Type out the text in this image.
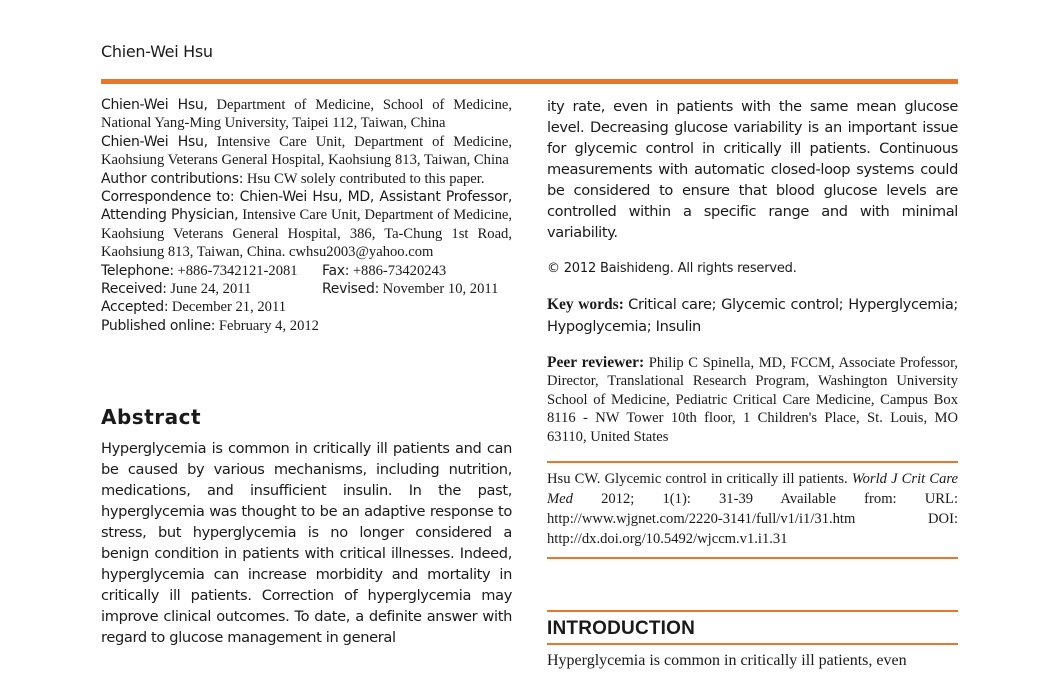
Chien-Wei Hsu

Chien-Wei Hsu, Department of Medicine, School of Medicine, National Yang-Ming University, Taipei 112, Taiwan, China

Chien-Wei Hsu, Intensive Care Unit, Department of Medicine, Kaohsiung Veterans General Hospital, Kaohsiung 813, Taiwan, China

Author contributions: Hsu CW solely contributed to this paper.

Correspondence to: Chien-Wei Hsu, MD, Assistant Professor, Attending Physician, Intensive Care Unit, Department of Medicine, Kaohsiung Veterans General Hospital, 386, Ta-Chung 1st Road, Kaohsiung 813, Taiwan, China. cwhsu2003@yahoo.com

Telephone: +886-7342121-2081	Fax: +886-73420243
Received: June 24, 2011	Revised: November 10, 2011

Accepted: December 21, 2011

Published online: February 4, 2012

Abstract
Hyperglycemia is common in critically ill patients and can be caused by various mechanisms, including nutrition, medications, and insufficient insulin. In the past, hyperglycemia was thought to be an adaptive response to stress, but hyperglycemia is no longer considered a benign condition in patients with critical illnesses. Indeed, hyperglycemia can increase morbidity and mortality in critically ill patients. Correction of hyperglycemia may improve clinical outcomes. To date, a definite answer with regard to glucose management in general

ity rate, even in patients with the same mean glucose level. Decreasing glucose variability is an important issue for glycemic control in critically ill patients. Continuous measurements with automatic closed-loop systems could be considered to ensure that blood glucose levels are controlled within a specific range and with minimal variability.

© 2012 Baishideng. All rights reserved.
Key words: Critical care; Glycemic control; Hyperglycemia; Hypoglycemia; Insulin
Peer reviewer: Philip C Spinella, MD, FCCM, Associate Professor, Director, Translational Research Program, Washington University School of Medicine, Pediatric Critical Care Medicine, Campus Box 8116 - NW Tower 10th floor, 1 Children's Place, St. Louis, MO 63110, United States
Hsu CW. Glycemic control in critically ill patients. World J Crit Care Med 2012; 1(1): 31-39 Available from: URL: http://www.wjgnet.com/2220-3141/full/v1/i1/31.htm DOI: http://dx.doi.org/10.5492/wjccm.v1.i1.31
INTRODUCTION
Hyperglycemia is common in critically ill patients, even
